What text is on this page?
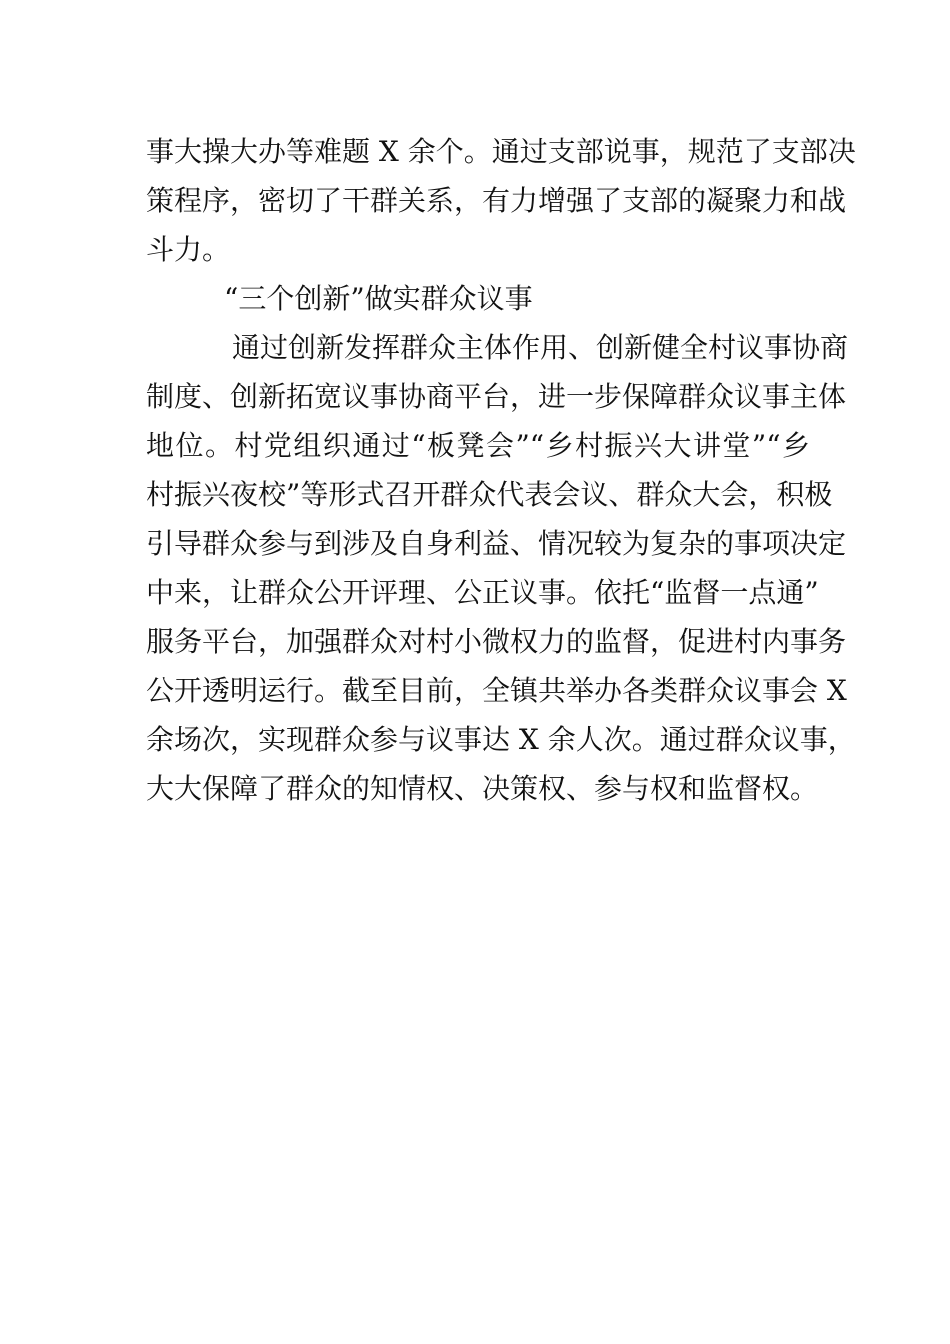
事大操大办等难题 X 余个。通过支部说事，规范了支部决
策程序，密切了干群关系，有力增强了支部的凝聚力和战
斗力。
“三个创新”做实群众议事
通过创新发挥群众主体作用、创新健全村议事协商
制度、创新拓宽议事协商平台，进一步保障群众议事主体
地位。村党组织通过“板凳会”“乡村振兴大讲堂”“乡
村振兴夜校”等形式召开群众代表会议、群众大会，积极
引导群众参与到涉及自身利益、情况较为复杂的事项决定
中来，让群众公开评理、公正议事。依托“监督一点通”
服务平台，加强群众对村小微权力的监督，促进村内事务
公开透明运行。截至目前，全镇共举办各类群众议事会 X
余场次，实现群众参与议事达 X 余人次。通过群众议事，
大大保障了群众的知情权、决策权、参与权和监督权。
